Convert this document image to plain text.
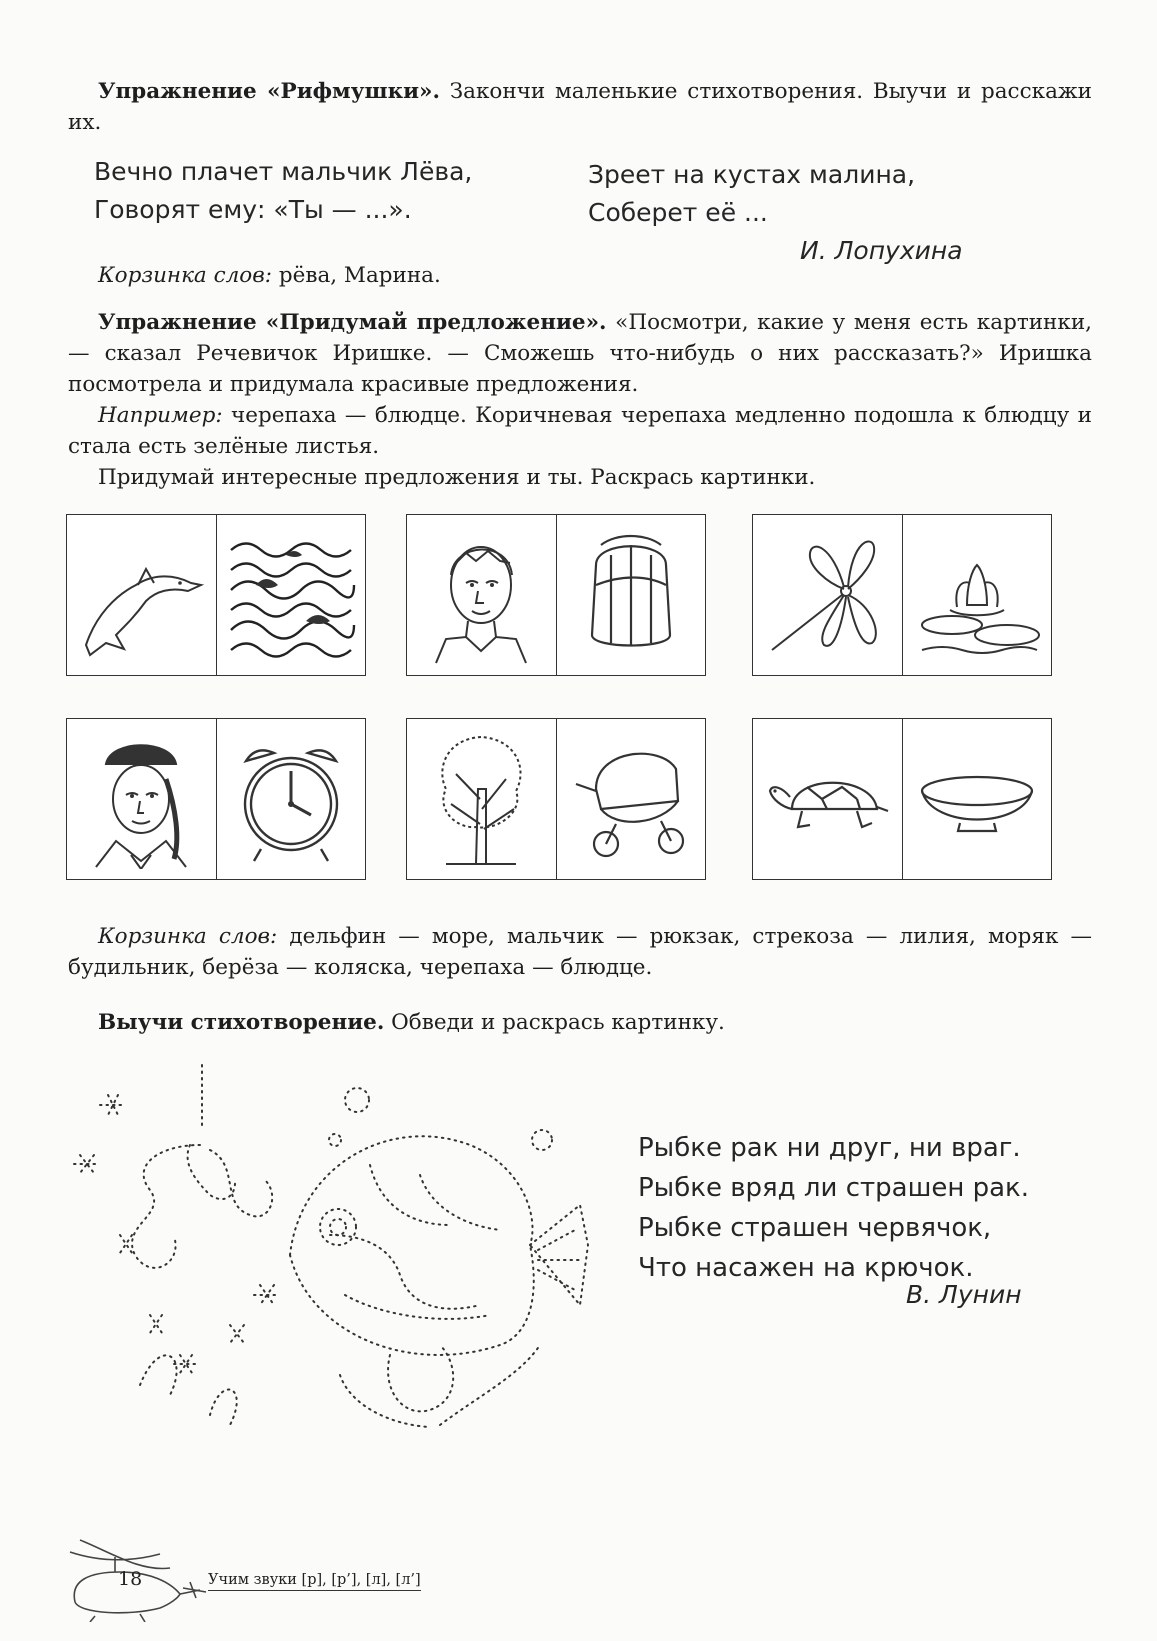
Упражнение «Рифмушки». Закончи маленькие стихотворения. Выучи и расскажи их.
Вечно плачет мальчик Лёва,
Говорят ему: «Ты — ...».
Зреет на кустах малина,
Соберет её ...
И. Лопухина
Корзинка слов: рёва, Марина.
Упражнение «Придумай предложение». «Посмотри, какие у меня есть картинки, — сказал Речевичок Иришке. — Сможешь что-нибудь о них рассказать?» Иришка посмотрела и придумала красивые предложения.
Например: черепаха — блюдце. Коричневая черепаха медленно подошла к блюдцу и стала есть зелёные листья.
Придумай интересные предложения и ты. Раскрась картинки.
Корзинка слов: дельфин — море, мальчик — рюкзак, стрекоза — лилия, моряк — будильник, берёза — коляска, черепаха — блюдце.
Выучи стихотворение. Обведи и раскрась картинку.
Рыбке рак ни друг, ни враг.
Рыбке вряд ли страшен рак.
Рыбке страшен червячок,
Что насажен на крючок.
В. Лунин
18	Учим звуки [р], [р’], [л], [л’]
